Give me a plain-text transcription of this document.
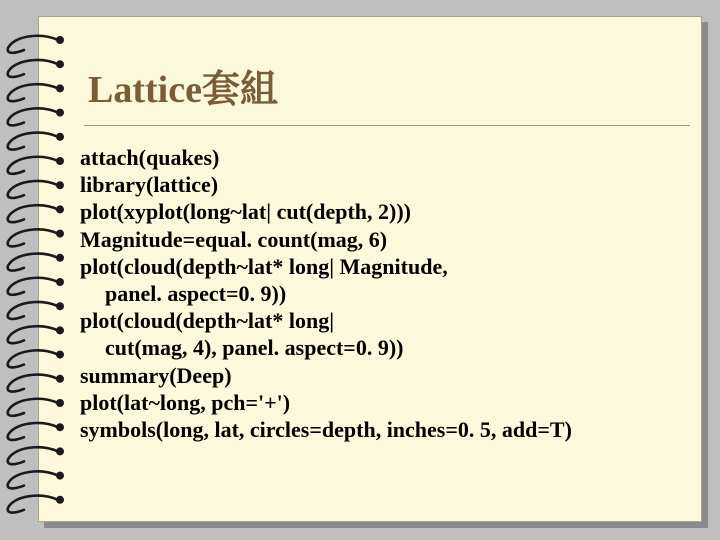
Lattice套組
attach(quakes)
library(lattice)
plot(xyplot(long~lat| cut(depth, 2)))
Magnitude=equal. count(mag, 6)
plot(cloud(depth~lat* long| Magnitude,
panel. aspect=0. 9))
plot(cloud(depth~lat* long|
cut(mag, 4), panel. aspect=0. 9))
summary(Deep)
plot(lat~long, pch='+')
symbols(long, lat, circles=depth, inches=0. 5, add=T)
